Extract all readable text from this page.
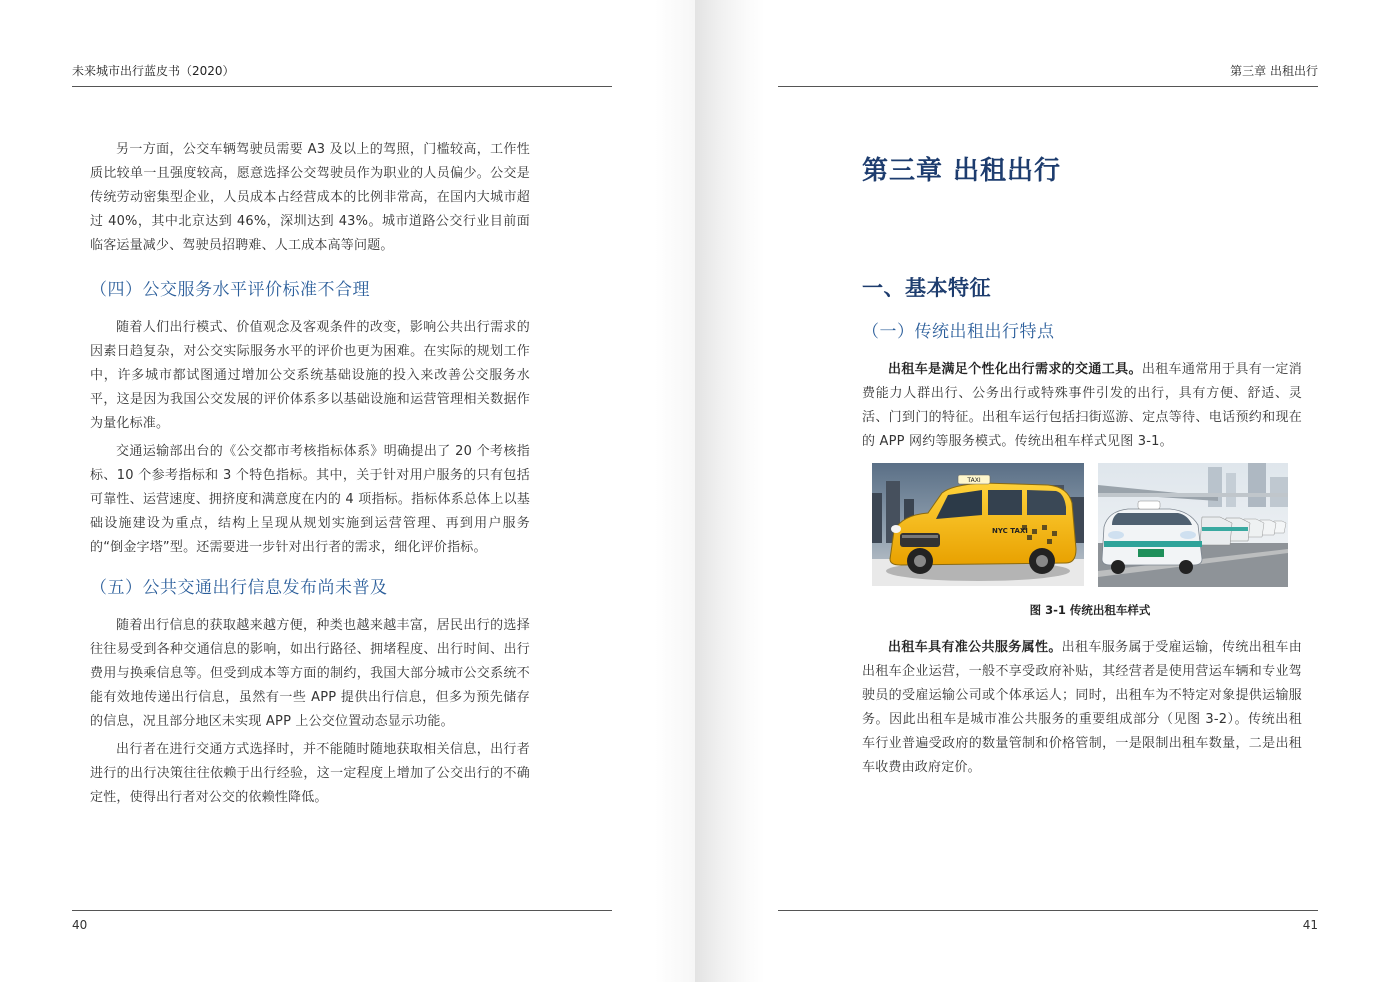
未来城市出行蓝皮书（2020）

另一方面，公交车辆驾驶员需要 A3 及以上的驾照，门槛较高，工作性质比较单一且强度较高，愿意选择公交驾驶员作为职业的人员偏少。公交是传统劳动密集型企业，人员成本占经营成本的比例非常高，在国内大城市超过 40%，其中北京达到 46%，深圳达到 43%。城市道路公交行业目前面临客运量减少、驾驶员招聘难、人工成本高等问题。

（四）公交服务水平评价标准不合理

随着人们出行模式、价值观念及客观条件的改变，影响公共出行需求的因素日趋复杂，对公交实际服务水平的评价也更为困难。在实际的规划工作中，许多城市都试图通过增加公交系统基础设施的投入来改善公交服务水平，这是因为我国公交发展的评价体系多以基础设施和运营管理相关数据作为量化标准。

交通运输部出台的《公交都市考核指标体系》明确提出了 20 个考核指标、10 个参考指标和 3 个特色指标。其中，关于针对用户服务的只有包括可靠性、运营速度、拥挤度和满意度在内的 4 项指标。指标体系总体上以基础设施建设为重点，结构上呈现从规划实施到运营管理、再到用户服务的“倒金字塔”型。还需要进一步针对出行者的需求，细化评价指标。

（五）公共交通出行信息发布尚未普及

随着出行信息的获取越来越方便，种类也越来越丰富，居民出行的选择往往易受到各种交通信息的影响，如出行路径、拥堵程度、出行时间、出行费用与换乘信息等。但受到成本等方面的制约，我国大部分城市公交系统不能有效地传递出行信息，虽然有一些 APP 提供出行信息，但多为预先储存的信息，况且部分地区未实现 APP 上公交位置动态显示功能。

出行者在进行交通方式选择时，并不能随时随地获取相关信息，出行者进行的出行决策往往依赖于出行经验，这一定程度上增加了公交出行的不确定性，使得出行者对公交的依赖性降低。

40
第三章 出租出行
第三章 出租出行
一、基本特征
（一）传统出租出行特点

出租车是满足个性化出行需求的交通工具。出租车通常用于具有一定消费能力人群出行、公务出行或特殊事件引发的出行，具有方便、舒适、灵活、门到门的特征。出租车运行包括扫街巡游、定点等待、电话预约和现在的 APP 网约等服务模式。传统出租车样式见图 3-1。

TAXI
NYC TAXI
图 3-1 传统出租车样式

出租车具有准公共服务属性。出租车服务属于受雇运输，传统出租车由出租车企业运营，一般不享受政府补贴，其经营者是使用营运车辆和专业驾驶员的受雇运输公司或个体承运人；同时，出租车为不特定对象提供运输服务。因此出租车是城市准公共服务的重要组成部分（见图 3-2）。传统出租车行业普遍受政府的数量管制和价格管制，一是限制出租车数量，二是出租车收费由政府定价。

41
